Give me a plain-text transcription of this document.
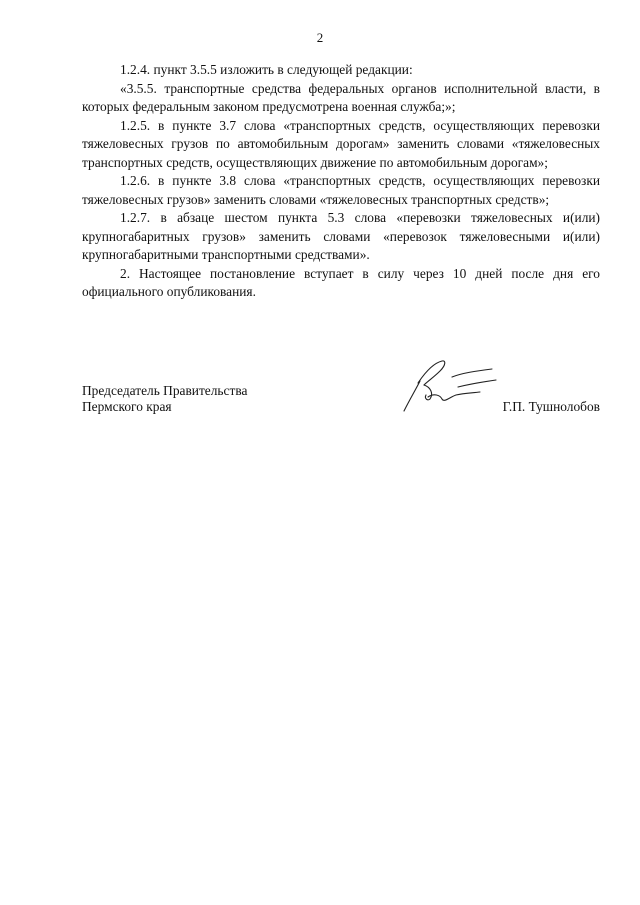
2

1.2.4. пункт 3.5.5 изложить в следующей редакции:

«3.5.5. транспортные средства федеральных органов исполнительной власти, в которых федеральным законом предусмотрена военная служба;»;

1.2.5. в пункте 3.7 слова «транспортных средств, осуществляющих перевозки тяжеловесных грузов по автомобильным дорогам» заменить словами «тяжеловесных транспортных средств, осуществляющих движение по автомобильным дорогам»;

1.2.6. в пункте 3.8 слова «транспортных средств, осуществляющих перевозки тяжеловесных грузов» заменить словами «тяжеловесных транспортных средств»;

1.2.7. в абзаце шестом пункта 5.3 слова «перевозки тяжеловесных и(или) крупногабаритных грузов» заменить словами «перевозок тяжеловесными и(или) крупногабаритными транспортными средствами».

2. Настоящее постановление вступает в силу через 10 дней после дня его официального опубликования.

Председатель Правительства
Пермского края	Г.П. Тушнолобов
